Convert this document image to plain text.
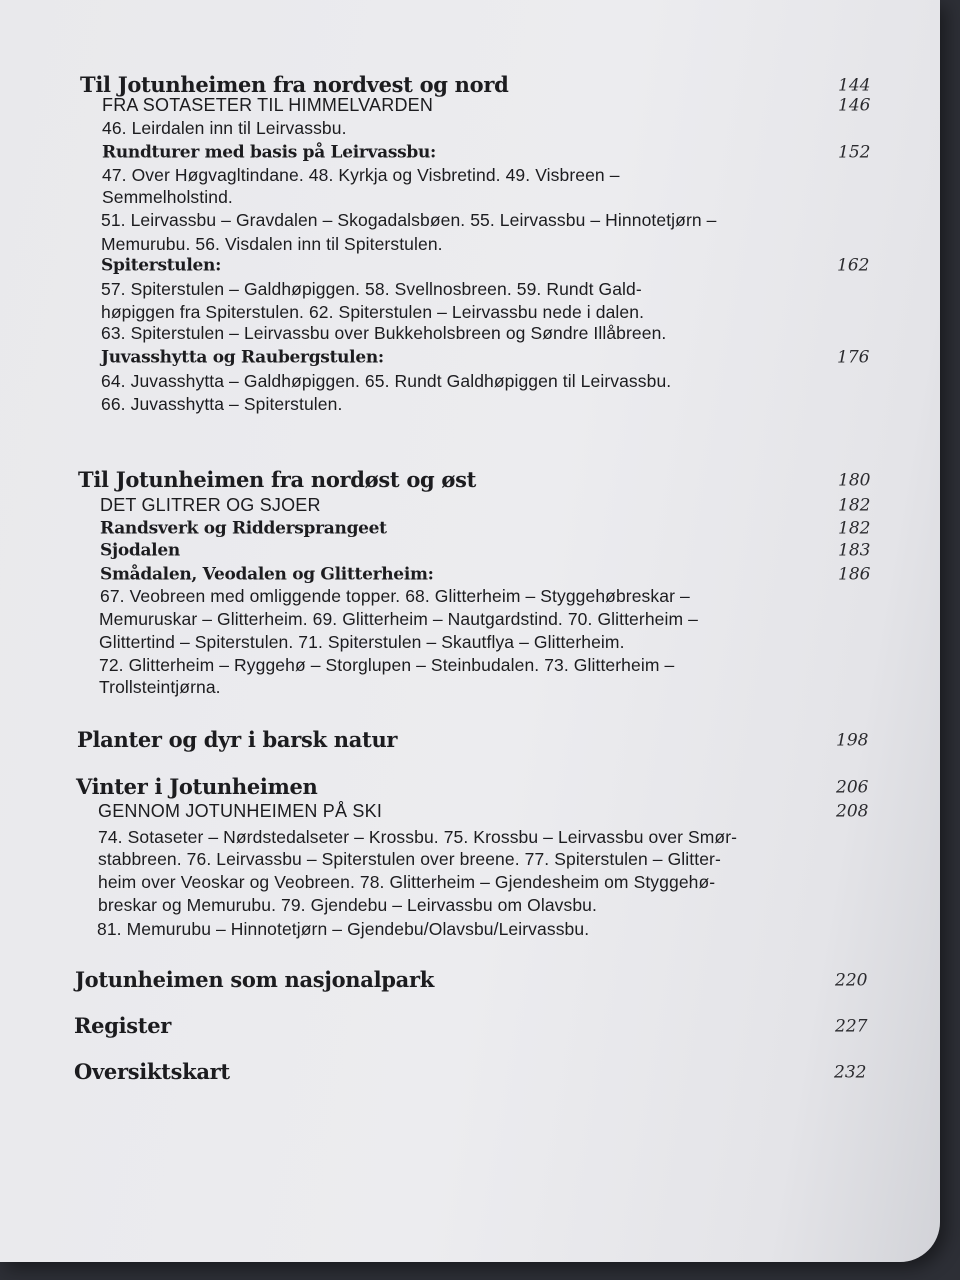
Til Jotunheimen fra nordvest og nord	144
FRA SOTASETER TIL HIMMELVARDEN	146
46. Leirdalen inn til Leirvassbu.
Rundturer med basis på Leirvassbu:	152
47. Over Høgvagltindane. 48. Kyrkja og Visbretind. 49. Visbreen –
Semmelholstind.
51. Leirvassbu – Gravdalen – Skogadalsbøen. 55. Leirvassbu – Hinnotetjørn –
Memurubu. 56. Visdalen inn til Spiterstulen.
Spiterstulen:	162
57. Spiterstulen – Galdhøpiggen. 58. Svellnosbreen. 59. Rundt Gald-
høpiggen fra Spiterstulen. 62. Spiterstulen – Leirvassbu nede i dalen.
63. Spiterstulen – Leirvassbu over Bukkeholsbreen og Søndre Illåbreen.
Juvasshytta og Raubergstulen:	176
64. Juvasshytta – Galdhøpiggen. 65. Rundt Galdhøpiggen til Leirvassbu.
66. Juvasshytta – Spiterstulen.
Til Jotunheimen fra nordøst og øst	180
DET GLITRER OG SJOER	182
Randsverk og Riddersprangeet	182
Sjodalen	183
Smådalen, Veodalen og Glitterheim:	186
67. Veobreen med omliggende topper. 68. Glitterheim – Styggehøbreskar –
Memuruskar – Glitterheim. 69. Glitterheim – Nautgardstind. 70. Glitterheim –
Glittertind – Spiterstulen. 71. Spiterstulen – Skautflya – Glitterheim.
72. Glitterheim – Ryggehø – Storglupen – Steinbudalen. 73. Glitterheim –
Trollsteintjørna.
Planter og dyr i barsk natur	198
Vinter i Jotunheimen	206
GENNOM JOTUNHEIMEN PÅ SKI	208
74. Sotaseter – Nørdstedalseter – Krossbu. 75. Krossbu – Leirvassbu over Smør-
stabbreen. 76. Leirvassbu – Spiterstulen over breene. 77. Spiterstulen – Glitter-
heim over Veoskar og Veobreen. 78. Glitterheim – Gjendesheim om Styggehø-
breskar og Memurubu. 79. Gjendebu – Leirvassbu om Olavsbu.
81. Memurubu – Hinnotetjørn – Gjendebu/Olavsbu/Leirvassbu.
Jotunheimen som nasjonalpark	220
Register	227
Oversiktskart	232
